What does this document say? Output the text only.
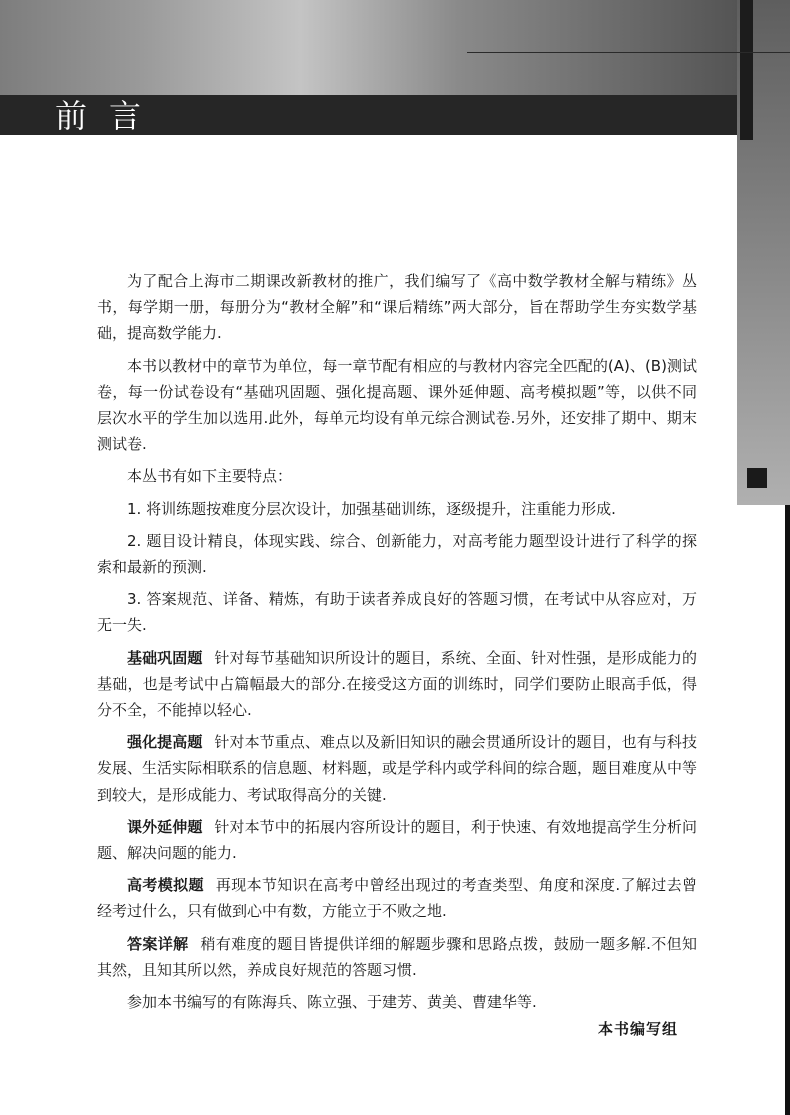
前言

为了配合上海市二期课改新教材的推广，我们编写了《高中数学教材全解与精练》丛书，每学期一册，每册分为“教材全解”和“课后精练”两大部分，旨在帮助学生夯实数学基础，提高数学能力.

本书以教材中的章节为单位，每一章节配有相应的与教材内容完全匹配的(A)、(B)测试卷，每一份试卷设有“基础巩固题、强化提高题、课外延伸题、高考模拟题”等，以供不同层次水平的学生加以选用.此外，每单元均设有单元综合测试卷.另外，还安排了期中、期末测试卷.

本丛书有如下主要特点：

1. 将训练题按难度分层次设计，加强基础训练，逐级提升，注重能力形成.

2. 题目设计精良，体现实践、综合、创新能力，对高考能力题型设计进行了科学的探索和最新的预测.

3. 答案规范、详备、精炼，有助于读者养成良好的答题习惯，在考试中从容应对，万无一失.

基础巩固题 针对每节基础知识所设计的题目，系统、全面、针对性强，是形成能力的基础，也是考试中占篇幅最大的部分.在接受这方面的训练时，同学们要防止眼高手低，得分不全，不能掉以轻心.

强化提高题 针对本节重点、难点以及新旧知识的融会贯通所设计的题目，也有与科技发展、生活实际相联系的信息题、材料题，或是学科内或学科间的综合题，题目难度从中等到较大，是形成能力、考试取得高分的关键.

课外延伸题 针对本节中的拓展内容所设计的题目，利于快速、有效地提高学生分析问题、解决问题的能力.

高考模拟题 再现本节知识在高考中曾经出现过的考查类型、角度和深度.了解过去曾经考过什么，只有做到心中有数，方能立于不败之地.

答案详解 稍有难度的题目皆提供详细的解题步骤和思路点拨，鼓励一题多解.不但知其然，且知其所以然，养成良好规范的答题习惯.

参加本书编写的有陈海兵、陈立强、于建芳、黄美、曹建华等.

本书编写组
